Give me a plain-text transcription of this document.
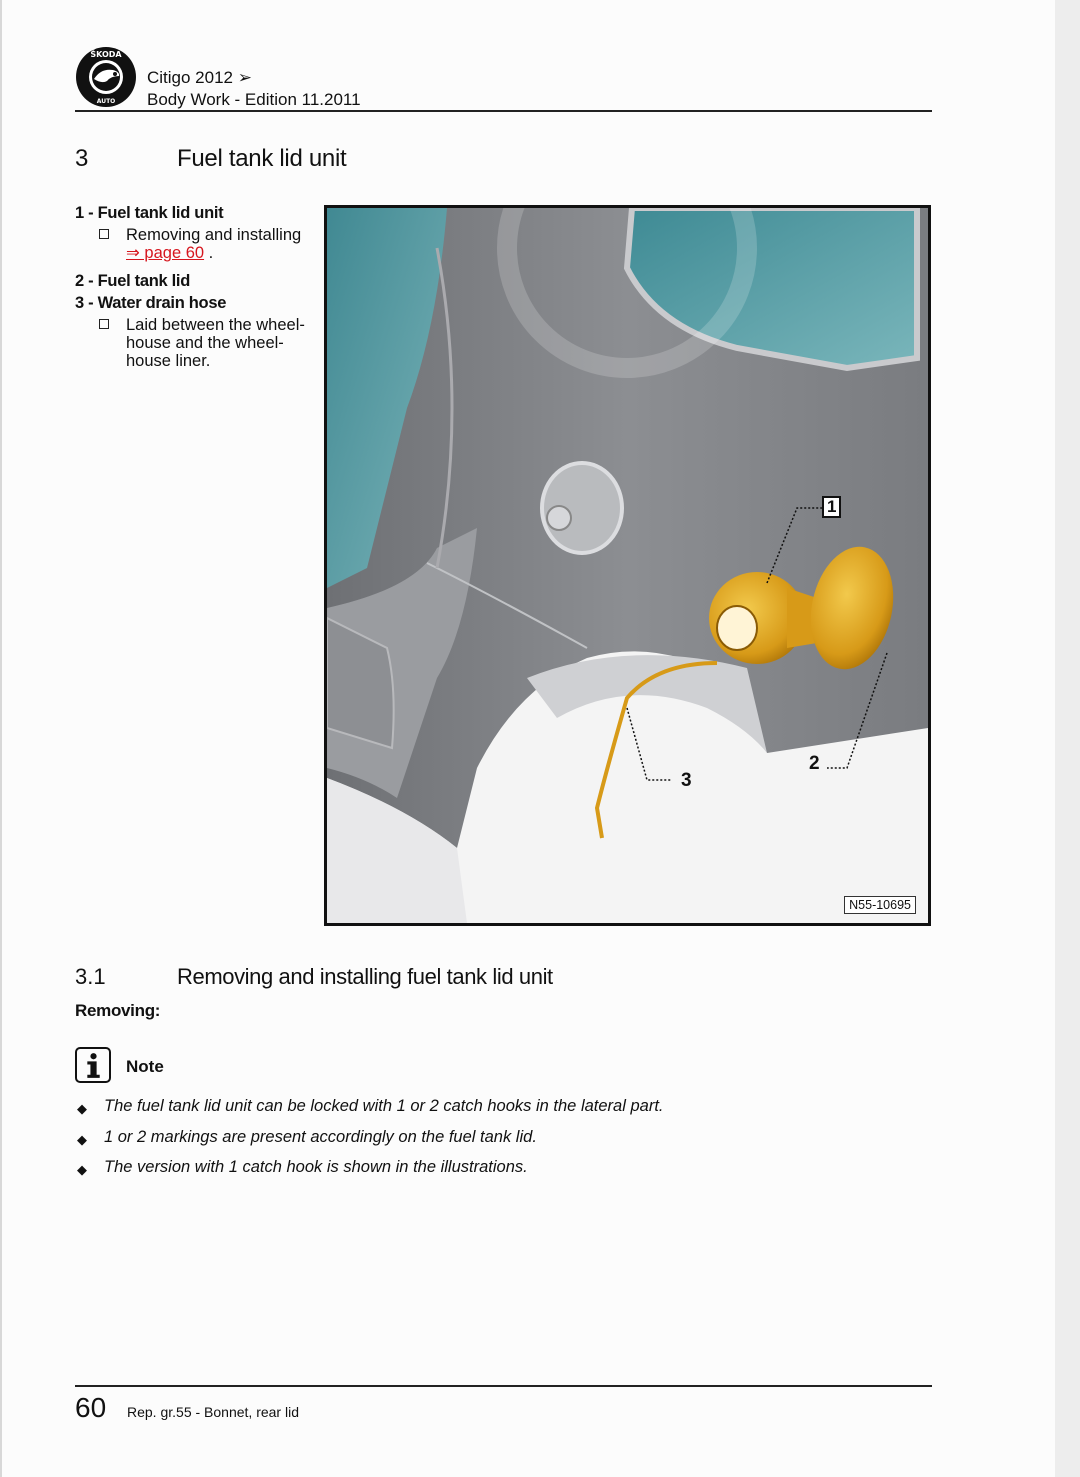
ŠKODA
AUTO
Citigo 2012 ➢
Body Work - Edition 11.2011
3	Fuel tank lid unit
1 - Fuel tank lid unit
Removing and installing
⇒ page 60 .
2 - Fuel tank lid
3 - Water drain hose
Laid between the wheel-house and the wheel-house liner.
1
2
3
N55-10695
3.1	Removing and installing fuel tank lid unit
Removing:
Note
◆ The fuel tank lid unit can be locked with 1 or 2 catch hooks in the lateral part.
◆ 1 or 2 markings are present accordingly on the fuel tank lid.
◆ The version with 1 catch hook is shown in the illustrations.
60 Rep. gr.55 - Bonnet, rear lid
